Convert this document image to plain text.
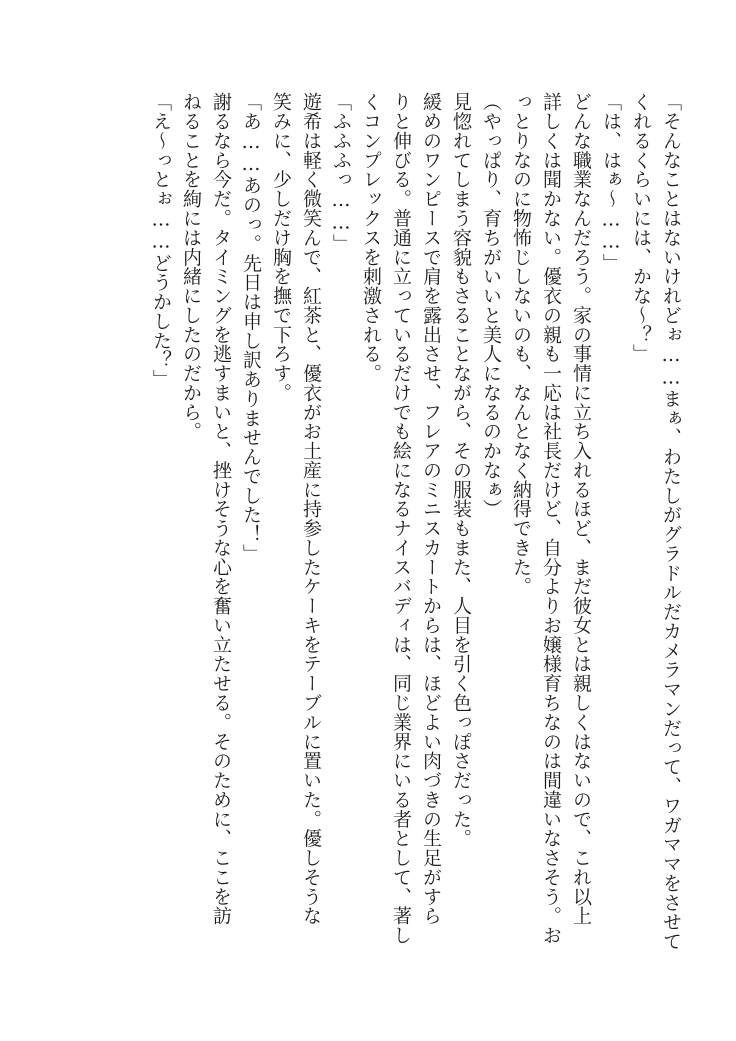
「そんなことはないけれどぉ……まぁ、わたしがグラドルだカメラマンだって、ワガママをさせて

くれるくらいには、かな〜？」

「は、はぁ〜……」

どんな職業なんだろう。家の事情に立ち入れるほど、まだ彼女とは親しくはないので、これ以上

詳しくは聞かない。優衣の親も一応は社長だけど、自分よりお嬢様育ちなのは間違いなさそう。お

っとりなのに物怖じしないのも、なんとなく納得できた。

（やっぱり、育ちがいいと美人になるのかなぁ）

見惚れてしまう容貌もさることながら、その服装もまた、人目を引く色っぽさだった。

緩めのワンピースで肩を露出させ、フレアのミニスカートからは、ほどよい肉づきの生足がすら

りと伸びる。普通に立っているだけでも絵になるナイスバディは、同じ業界にいる者として、著し

くコンプレックスを刺激される。

「ふふふっ……」

遊希は軽く微笑んで、紅茶と、優衣がお土産に持参したケーキをテーブルに置いた。優しそうな

笑みに、少しだけ胸を撫で下ろす。

「あ……あのっ。先日は申し訳ありませんでした！」

謝るなら今だ。タイミングを逃すまいと、挫けそうな心を奮い立たせる。そのために、ここを訪

ねることを絢には内緒にしたのだから。

「え〜っとぉ……どうかした？」
